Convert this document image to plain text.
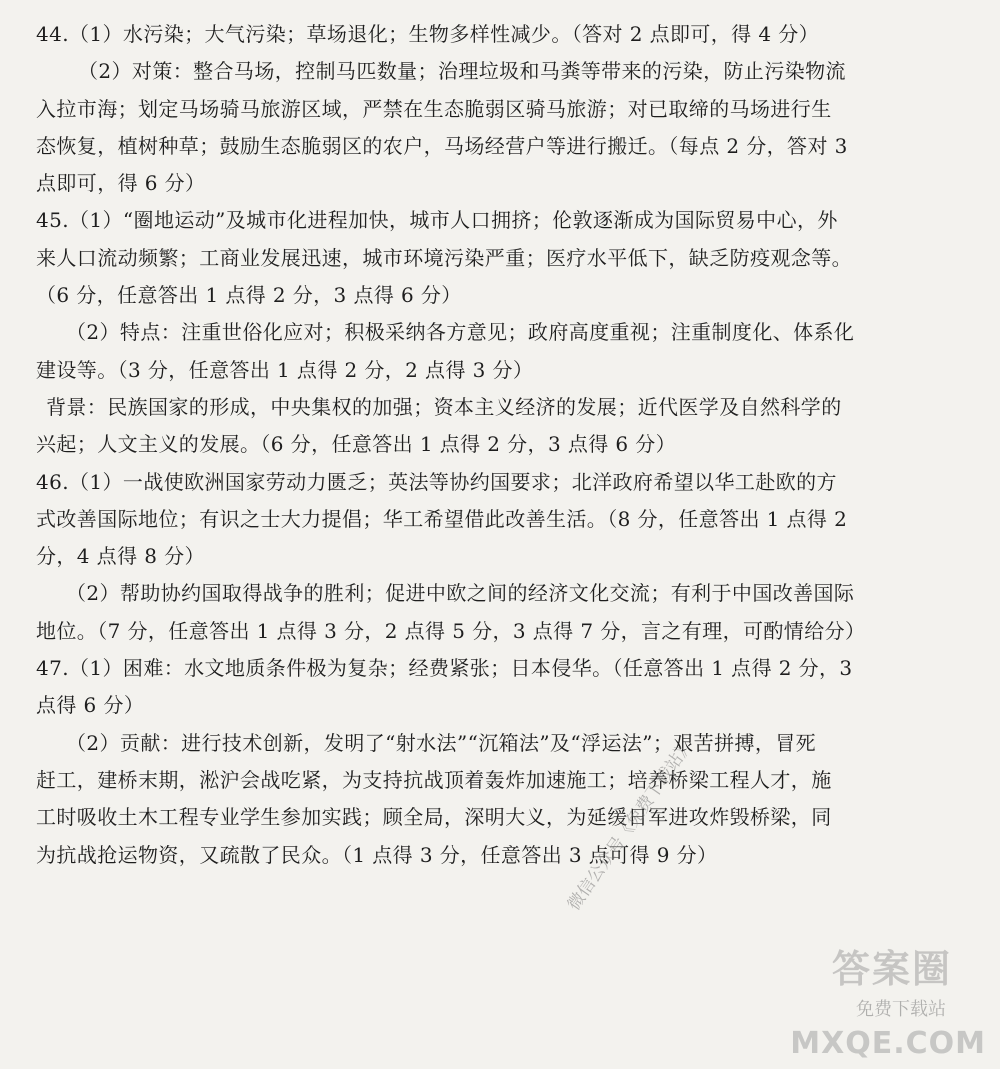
44.（1）水污染；大气污染；草场退化；生物多样性减少。（答对 2 点即可，得 4 分）
（2）对策：整合马场，控制马匹数量；治理垃圾和马粪等带来的污染，防止污染物流
入拉市海；划定马场骑马旅游区域，严禁在生态脆弱区骑马旅游；对已取缔的马场进行生
态恢复，植树种草；鼓励生态脆弱区的农户，马场经营户等进行搬迁。（每点 2 分，答对 3
点即可，得 6 分）
45.（1）“圈地运动”及城市化进程加快，城市人口拥挤；伦敦逐渐成为国际贸易中心，外
来人口流动频繁；工商业发展迅速，城市环境污染严重；医疗水平低下，缺乏防疫观念等。
（6 分，任意答出 1 点得 2 分，3 点得 6 分）
（2）特点：注重世俗化应对；积极采纳各方意见；政府高度重视；注重制度化、体系化
建设等。（3 分，任意答出 1 点得 2 分，2 点得 3 分）
背景：民族国家的形成，中央集权的加强；资本主义经济的发展；近代医学及自然科学的
兴起；人文主义的发展。（6 分，任意答出 1 点得 2 分，3 点得 6 分）
46.（1）一战使欧洲国家劳动力匮乏；英法等协约国要求；北洋政府希望以华工赴欧的方
式改善国际地位；有识之士大力提倡；华工希望借此改善生活。（8 分，任意答出 1 点得 2
分，4 点得 8 分）
（2）帮助协约国取得战争的胜利；促进中欧之间的经济文化交流；有利于中国改善国际
地位。（7 分，任意答出 1 点得 3 分，2 点得 5 分，3 点得 7 分，言之有理，可酌情给分）
47.（1）困难：水文地质条件极为复杂；经费紧张；日本侵华。（任意答出 1 点得 2 分，3
点得 6 分）
（2）贡献：进行技术创新，发明了“射水法”“沉箱法”及“浮运法”；艰苦拼搏，冒死
赶工，建桥末期，淞沪会战吃紧，为支持抗战顶着轰炸加速施工；培养桥梁工程人才，施
工时吸收土木工程专业学生参加实践；顾全局，深明大义，为延缓日军进攻炸毁桥梁，同
为抗战抢运物资，又疏散了民众。（1 点得 3 分，任意答出 3 点可得 9 分）
微信公众号《免费下载站》
答案圈
免费下载站
MXQE.COM
